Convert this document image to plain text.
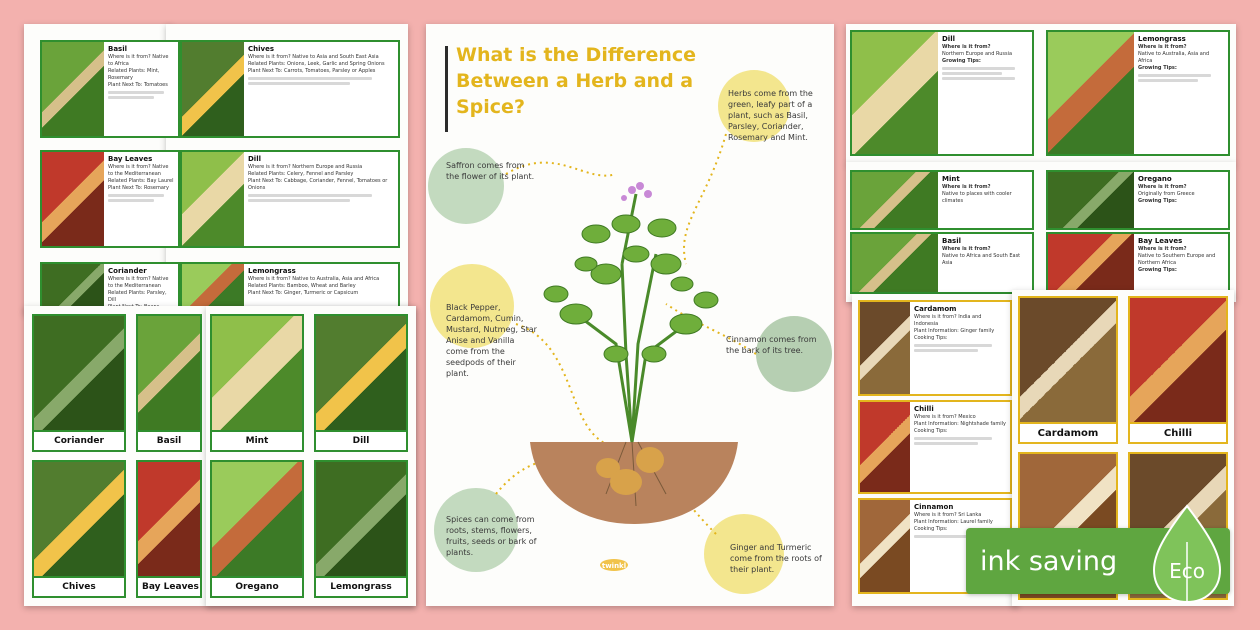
Basil
Where is it from? Native to Africa
Related Plants: Mint, Rosemary
Plant Next To: Tomatoes
Chives
Where is it from? Native to Asia and South East Asia
Related Plants: Onions, Leek, Garlic and Spring Onions
Plant Next To: Carrots, Tomatoes, Parsley or Apples
Bay Leaves
Where is it from? Native to the Mediterranean
Related Plants: Bay Laurel
Plant Next To: Rosemary
Dill
Where is it from? Northern Europe and Russia
Related Plants: Celery, Fennel and Parsley
Plant Next To: Cabbage, Coriander, Fennel, Tomatoes or Onions
Coriander
Where is it from? Native to the Mediterranean
Related Plants: Parsley, Dill
Lemongrass
Where is it from? Native to Australia, Asia and Africa
Related Plants: Bamboo, Wheat and Barley
Plant Next To: Ginger, Turmeric or Capsicum
Coriander	Basil	Mint	Dill
Chives	Bay Leaves	Oregano	Lemongrass
What is the Difference Between a Herb and a Spice?
twinkl
Saffron comes from the flower of its plant.
Herbs come from the green, leafy part of a plant, such as Basil, Parsley, Coriander, Rosemary and Mint.
Black Pepper, Cardamom, Cumin, Mustard, Nutmeg, Star Anise and Vanilla come from the seedpods of their plant.
Cinnamon comes from the bark of its tree.
Spices can come from roots, stems, flowers, fruits, seeds or bark of plants.
Ginger and Turmeric come from the roots of their plant.
Dill
Where is it from?
Northern Europe and Russia
Growing Tips:
Lemongrass
Where is it from?
Native to Australia, Asia and Africa
Growing Tips:
Mint
Where is it from?
Native to places with cooler climates
Oregano
Where is it from?
Originally from Greece
Growing Tips:
Basil
Where is it from?
Native to Africa and South East Asia
Bay Leaves
Where is it from?
Native to Southern Europe and Northern Africa
Growing Tips:
Cardamom
Where is it from? India and Indonesia
Plant Information: Ginger family
Cooking Tips:
Chilli
Where is it from? Mexico
Plant Information: Nightshade family
Cooking Tips:
Cinnamon
Where is it from? Sri Lanka
Plant Information: Laurel family
Cooking Tips:
Cardamom	Chilli
ink saving	Eco
